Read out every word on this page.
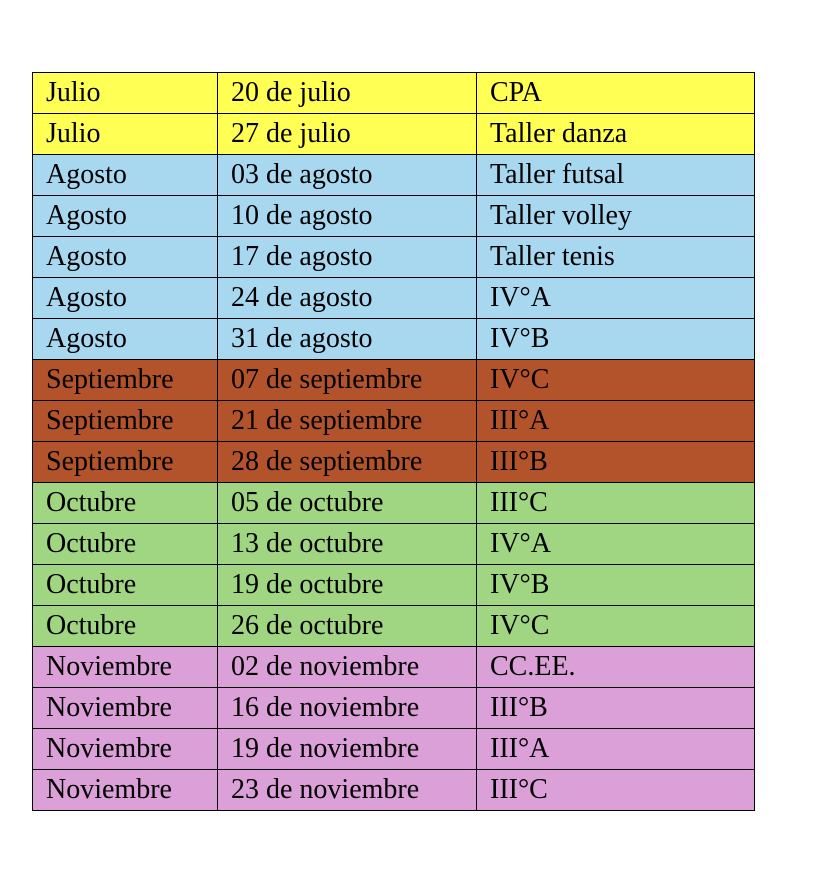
Julio	20 de julio	CPA
Julio	27 de julio	Taller danza
Agosto	03 de agosto	Taller futsal
Agosto	10 de agosto	Taller volley
Agosto	17 de agosto	Taller tenis
Agosto	24 de agosto	IV°A
Agosto	31 de agosto	IV°B
Septiembre	07 de septiembre	IV°C
Septiembre	21 de septiembre	III°A
Septiembre	28 de septiembre	III°B
Octubre	05 de octubre	III°C
Octubre	13 de octubre	IV°A
Octubre	19 de octubre	IV°B
Octubre	26 de octubre	IV°C
Noviembre	02 de noviembre	CC.EE.
Noviembre	16 de noviembre	III°B
Noviembre	19 de noviembre	III°A
Noviembre	23 de noviembre	III°C
